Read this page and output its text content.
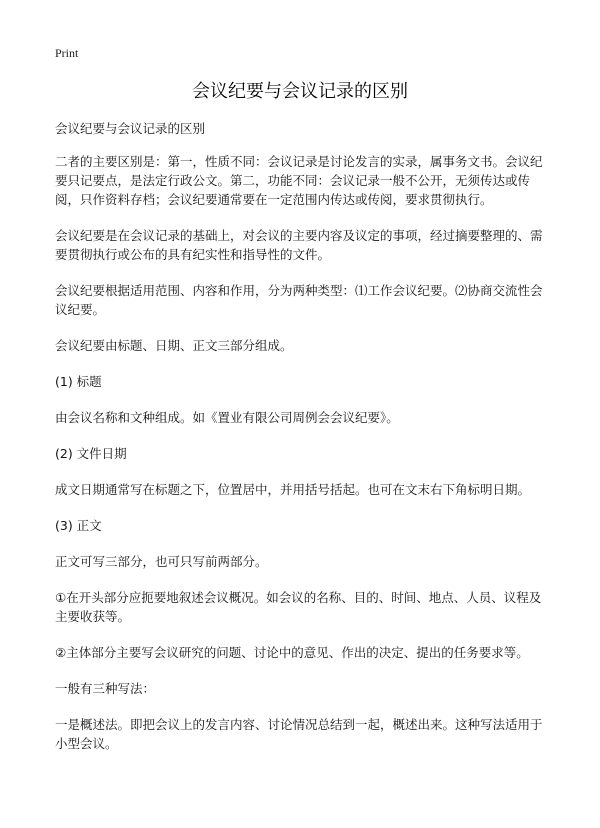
Print
会议纪要与会议记录的区别

会议纪要与会议记录的区别

二者的主要区别是：第一，性质不同：会议记录是讨论发言的实录，属事务文书。会议纪要只记要点，是法定行政公文。第二，功能不同：会议记录一般不公开，无须传达或传阅，只作资料存档；会议纪要通常要在一定范围内传达或传阅，要求贯彻执行。

会议纪要是在会议记录的基础上，对会议的主要内容及议定的事项，经过摘要整理的、需要贯彻执行或公布的具有纪实性和指导性的文件。

会议纪要根据适用范围、内容和作用，分为两种类型：⑴工作会议纪要。⑵协商交流性会议纪要。

会议纪要由标题、日期、正文三部分组成。

(1) 标题

由会议名称和文种组成。如《置业有限公司周例会会议纪要》。

(2) 文件日期

成文日期通常写在标题之下，位置居中，并用括号括起。也可在文末右下角标明日期。

(3) 正文

正文可写三部分，也可只写前两部分。

①在开头部分应扼要地叙述会议概况。如会议的名称、目的、时间、地点、人员、议程及主要收获等。

②主体部分主要写会议研究的问题、讨论中的意见、作出的决定、提出的任务要求等。

一般有三种写法：

一是概述法。即把会议上的发言内容、讨论情况总结到一起，概述出来。这种写法适用于小型会议。
